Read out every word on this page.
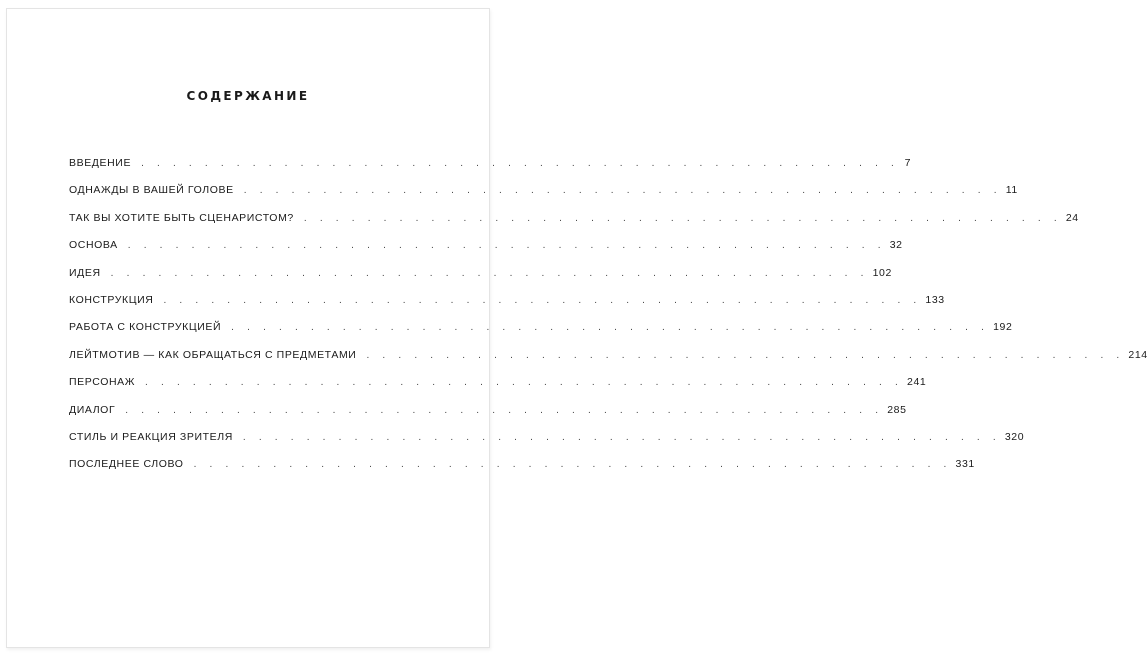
СОДЕРЖАНИЕ
ВВЕДЕНИЕ	. . . . . . . . . . . . . . . . . . . . . . . . . . . . . . . . . . . . . . . . . . . . . . . . 7
ОДНАЖДЫ В ВАШЕЙ ГОЛОВЕ	. . . . . . . . . . . . . . . . . . . . . . . . . . . . . . . . . . . . . . . . . . . . . . . . 11
ТАК ВЫ ХОТИТЕ БЫТЬ СЦЕНАРИСТОМ?	. . . . . . . . . . . . . . . . . . . . . . . . . . . . . . . . . . . . . . . . . . . . . . . . 24
ОСНОВА	. . . . . . . . . . . . . . . . . . . . . . . . . . . . . . . . . . . . . . . . . . . . . . . . 32
ИДЕЯ	. . . . . . . . . . . . . . . . . . . . . . . . . . . . . . . . . . . . . . . . . . . . . . . . 102
КОНСТРУКЦИЯ	. . . . . . . . . . . . . . . . . . . . . . . . . . . . . . . . . . . . . . . . . . . . . . . . 133
РАБОТА С КОНСТРУКЦИЕЙ	. . . . . . . . . . . . . . . . . . . . . . . . . . . . . . . . . . . . . . . . . . . . . . . . 192
ЛЕЙТМОТИВ — КАК ОБРАЩАТЬСЯ С ПРЕДМЕТАМИ	. . . . . . . . . . . . . . . . . . . . . . . . . . . . . . . . . . . . . . . . . . . . . . . . 214
ПЕРСОНАЖ	. . . . . . . . . . . . . . . . . . . . . . . . . . . . . . . . . . . . . . . . . . . . . . . . 241
ДИАЛОГ	. . . . . . . . . . . . . . . . . . . . . . . . . . . . . . . . . . . . . . . . . . . . . . . . 285
СТИЛЬ И РЕАКЦИЯ ЗРИТЕЛЯ	. . . . . . . . . . . . . . . . . . . . . . . . . . . . . . . . . . . . . . . . . . . . . . . . 320
ПОСЛЕДНЕЕ СЛОВО	. . . . . . . . . . . . . . . . . . . . . . . . . . . . . . . . . . . . . . . . . . . . . . . . 331
